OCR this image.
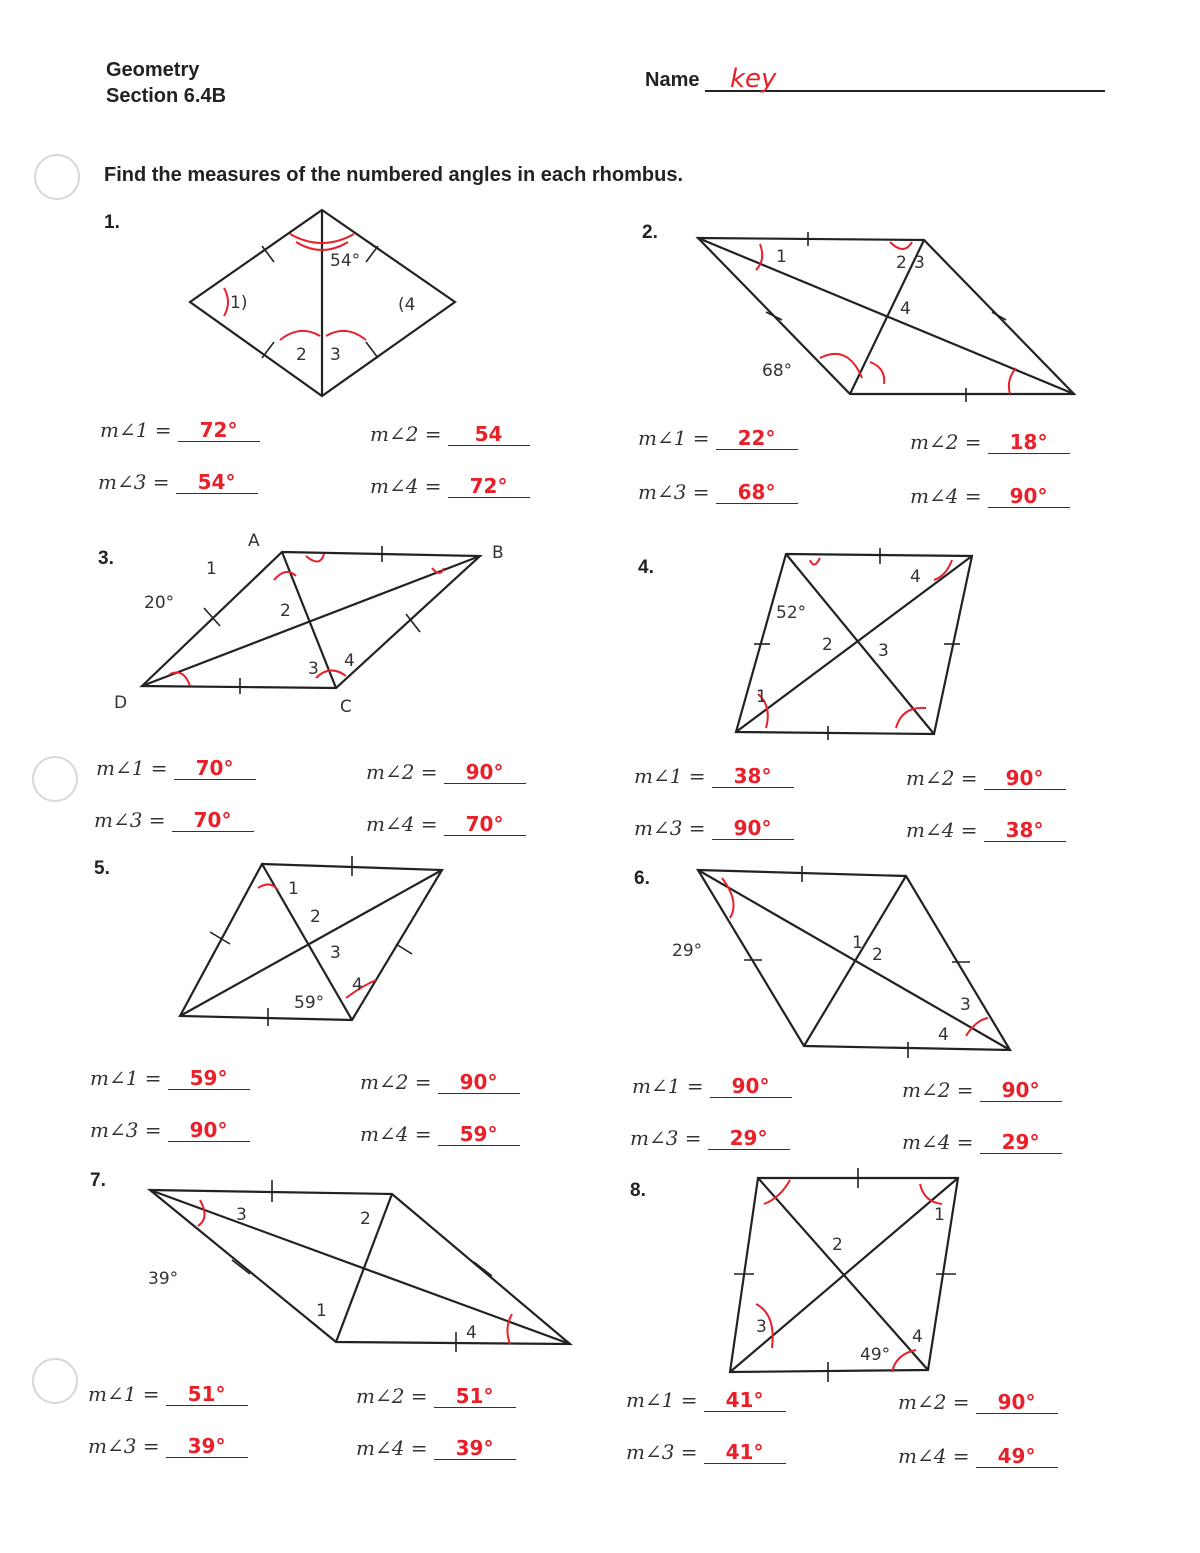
Geometry
Section 6.4B
Name key
Find the measures of the numbered angles in each rhombus.
1.	2.
3.	4.
5.	6.
7.	8.
54°
1)	(4
2 3
68°
1	2 3
4
A
B
C
D
20°
1
2
3 4
52°
2	3
4
1
1
2
3
4
59°
29°	1
2
3
4
3	2
1
4
39°
2
1
3	4
49°
m∠1 = 72°	m∠2 = 54
m∠3 = 54°	m∠4 = 72°
m∠1 = 22°	m∠2 = 18°
m∠3 = 68°	m∠4 = 90°
m∠1 = 70°	m∠2 = 90°
m∠3 = 70°	m∠4 = 70°
m∠1 = 38°	m∠2 = 90°
m∠3 = 90°	m∠4 = 38°
m∠1 = 59°	m∠2 = 90°
m∠3 = 90°	m∠4 = 59°
m∠1 = 90°	m∠2 = 90°
m∠3 = 29°	m∠4 = 29°
m∠1 = 51°	m∠2 = 51°
m∠3 = 39°	m∠4 = 39°
m∠1 = 41°	m∠2 = 90°
m∠3 = 41°	m∠4 = 49°
